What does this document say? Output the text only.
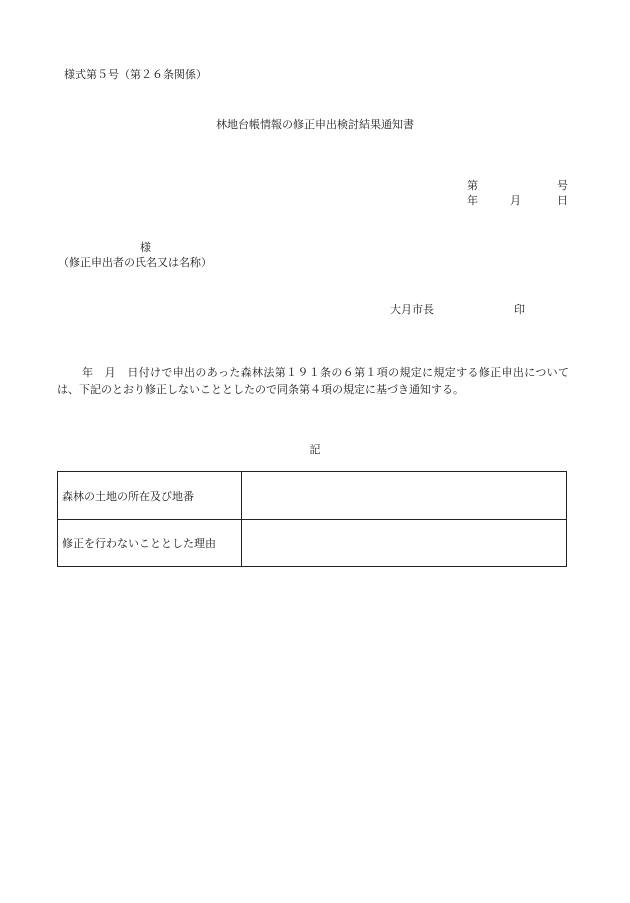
様式第５号（第２６条関係）
林地台帳情報の修正申出検討結果通知書
第	号
年	月	日
様
（修正申出者の氏名又は名称）
大月市長	印
年　月　日付けで申出のあった森林法第１９１条の６第１項の規定に規定する修正申出については、下記のとおり修正しないこととしたので同条第４項の規定に基づき通知する。
記
森林の土地の所在及び地番	
修正を行わないこととした理由	
